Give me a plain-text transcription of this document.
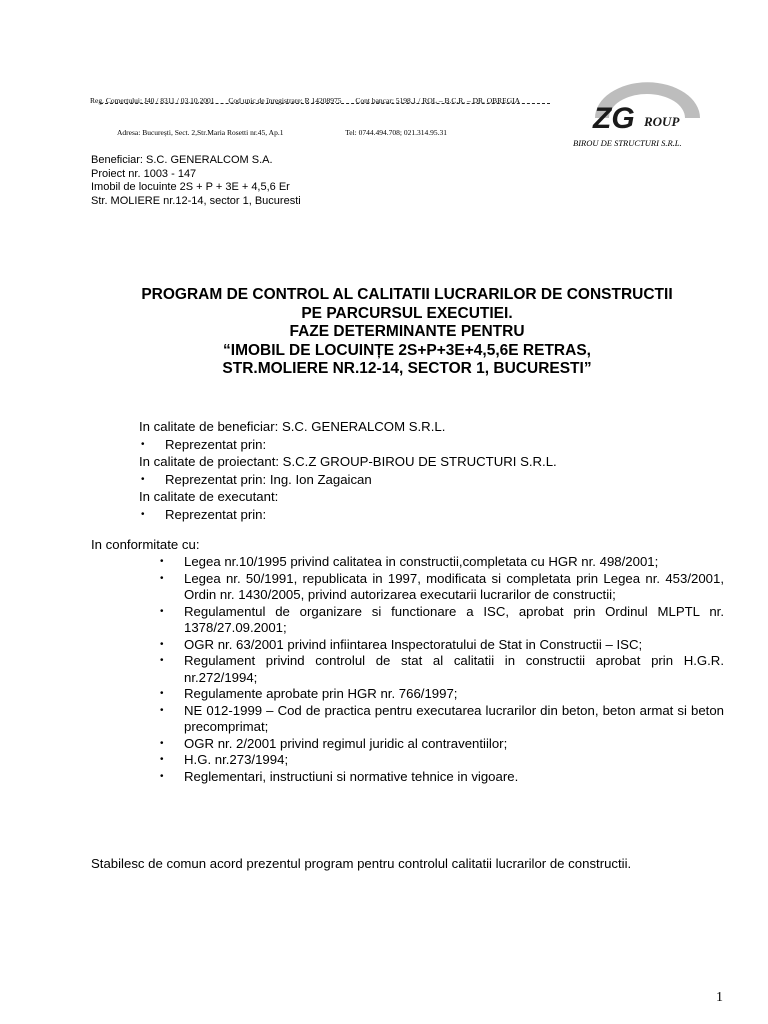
Reg. Comerțului: J40 / 8311 / 03.10.2001 Cod unic de înregistrare: R 14208975 Cont bancar: 5198.1 / ROL – B.C.R. – DR. OBREGIA
Adresa: București, Sect. 2,Str.Maria Rosetti nr.45, Ap.1	Tel: 0744.494.708; 021.314.95.31	ZG ROUP
BIROU DE STRUCTURI S.R.L.
Beneficiar: S.C. GENERALCOM S.A.
Proiect nr. 1003 - 147
Imobil de locuinte 2S + P + 3E + 4,5,6 Er
Str. MOLIERE nr.12-14, sector 1, Bucuresti
PROGRAM DE CONTROL AL CALITATII LUCRARILOR DE CONSTRUCTII
PE PARCURSUL EXECUTIEI.
FAZE DETERMINANTE PENTRU
“IMOBIL DE LOCUINȚE 2S+P+3E+4,5,6E RETRAS,
STR.MOLIERE NR.12-14, SECTOR 1, BUCURESTI”
In calitate de beneficiar: S.C. GENERALCOM S.R.L.
• Reprezentat prin:
In calitate de proiectant: S.C.Z GROUP-BIROU DE STRUCTURI S.R.L.
• Reprezentat prin: Ing. Ion Zagaican
In calitate de executant:
• Reprezentat prin:
In conformitate cu:
• Legea nr.10/1995 privind calitatea in constructii,completata cu HGR nr. 498/2001;
• Legea nr. 50/1991, republicata in 1997, modificata si completata prin Legea nr. 453/2001, Ordin nr. 1430/2005, privind autorizarea executarii lucrarilor de constructii;
• Regulamentul de organizare si functionare a ISC, aprobat prin Ordinul MLPTL nr. 1378/27.09.2001;
• OGR nr. 63/2001 privind infiintarea Inspectoratului de Stat in Constructii – ISC;
• Regulament privind controlul de stat al calitatii in constructii aprobat prin H.G.R. nr.272/1994;
• Regulamente aprobate prin HGR nr. 766/1997;
• NE 012-1999 – Cod de practica pentru executarea lucrarilor din beton, beton armat si beton precomprimat;
• OGR nr. 2/2001 privind regimul juridic al contraventiilor;
• H.G. nr.273/1994;
• Reglementari, instructiuni si normative tehnice in vigoare.
Stabilesc de comun acord prezentul program pentru controlul calitatii lucrarilor de constructii.
1
